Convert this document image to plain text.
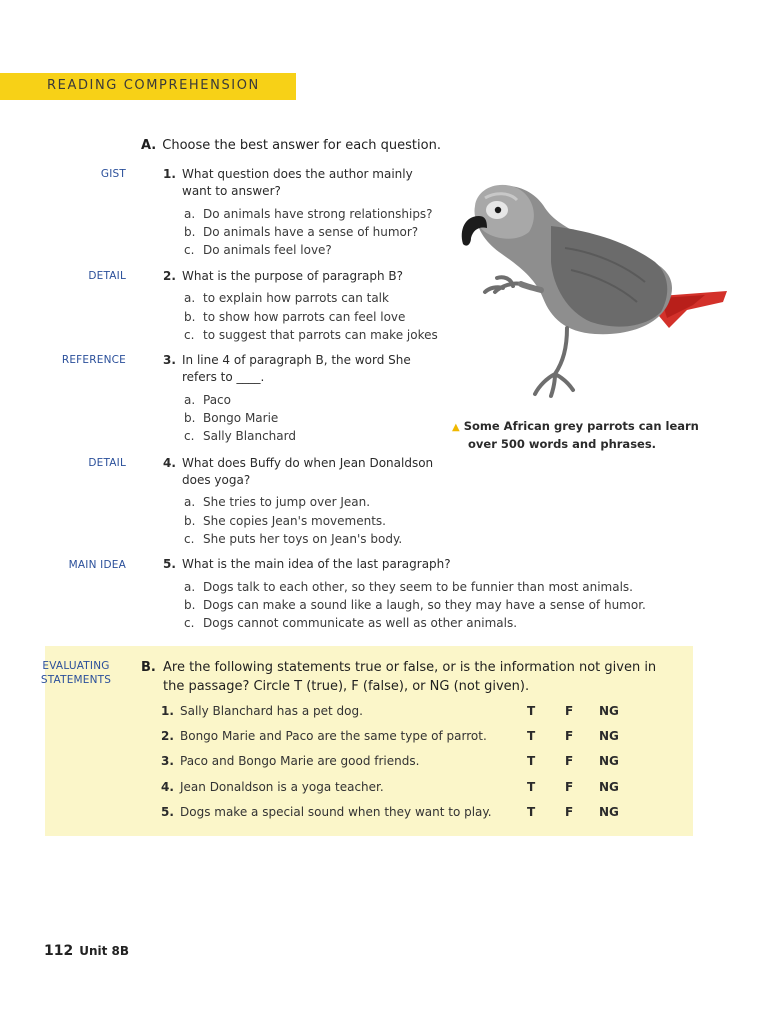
READING COMPREHENSION
A. Choose the best answer for each question.
GIST	1. What question does the author mainly
want to answer?
a. Do animals have strong relationships?
b. Do animals have a sense of humor?
c. Do animals feel love?
DETAIL	2. What is the purpose of paragraph B?
a. to explain how parrots can talk
b. to show how parrots can feel love
c. to suggest that parrots can make jokes
REFERENCE	3. In line 4 of paragraph B, the word She
refers to ____.
a. Paco
b. Bongo Marie
c. Sally Blanchard
DETAIL	4. What does Buffy do when Jean Donaldson
does yoga?
a. She tries to jump over Jean.
b. She copies Jean's movements.
c. She puts her toys on Jean's body.
MAIN IDEA	5. What is the main idea of the last paragraph?
a. Dogs talk to each other, so they seem to be funnier than most animals.
b. Dogs can make a sound like a laugh, so they may have a sense of humor.
c. Dogs cannot communicate as well as other animals.
▲ Some African grey parrots can learn
over 500 words and phrases.
EVALUATING
STATEMENTS
B. Are the following statements true or false, or is the information not given in
the passage? Circle T (true), F (false), or NG (not given).
1. Sally Blanchard has a pet dog.	T F NG
2. Bongo Marie and Paco are the same type of parrot.	T F NG
3. Paco and Bongo Marie are good friends.	T F NG
4. Jean Donaldson is a yoga teacher.	T F NG
5. Dogs make a special sound when they want to play.	T F NG
112 Unit 8B
